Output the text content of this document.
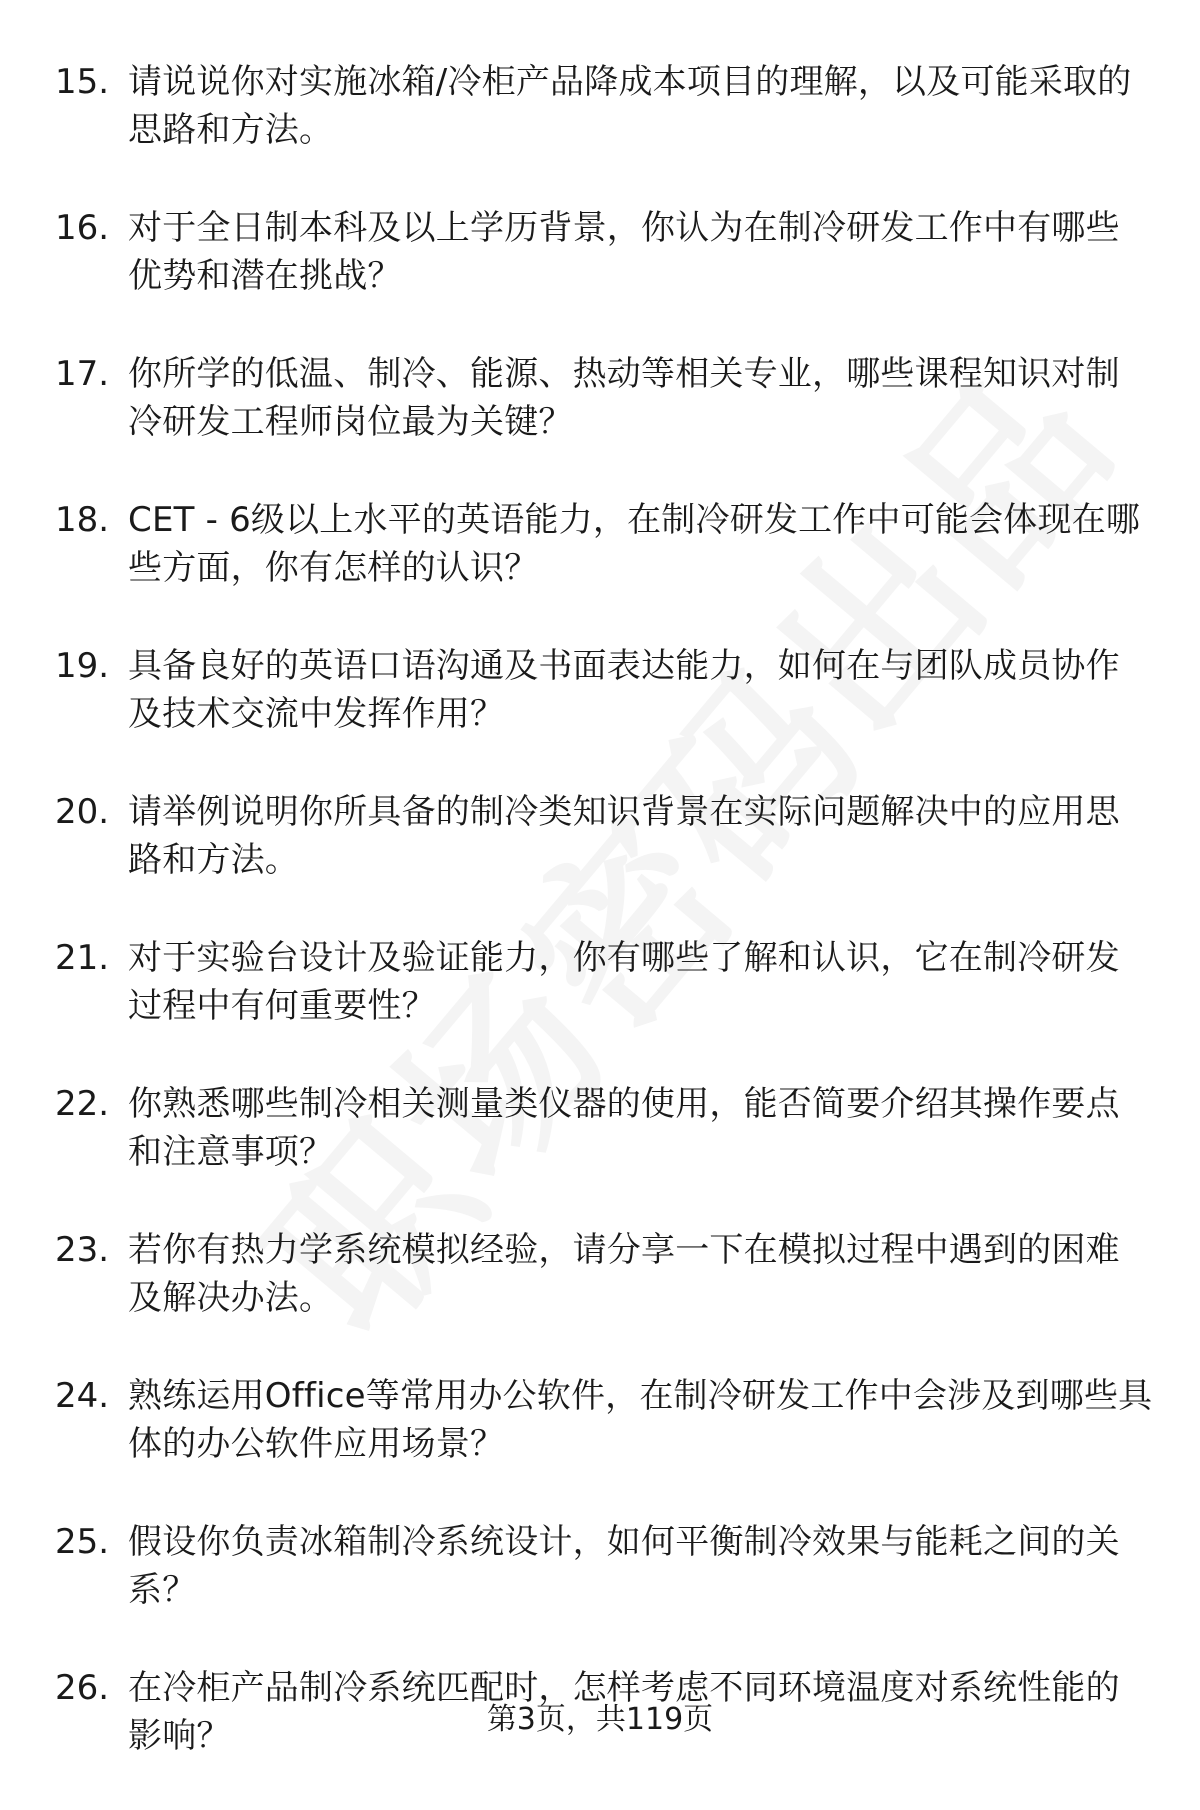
15. 请说说你对实施冰箱/冷柜产品降成本项目的理解，以及可能采取的思路和方法。
16. 对于全日制本科及以上学历背景，你认为在制冷研发工作中有哪些优势和潜在挑战？
17. 你所学的低温、制冷、能源、热动等相关专业，哪些课程知识对制冷研发工程师岗位最为关键？
18. CET - 6级以上水平的英语能力，在制冷研发工作中可能会体现在哪些方面，你有怎样的认识？
19. 具备良好的英语口语沟通及书面表达能力，如何在与团队成员协作及技术交流中发挥作用？
20. 请举例说明你所具备的制冷类知识背景在实际问题解决中的应用思路和方法。
21. 对于实验台设计及验证能力，你有哪些了解和认识，它在制冷研发过程中有何重要性？
22. 你熟悉哪些制冷相关测量类仪器的使用，能否简要介绍其操作要点和注意事项？
23. 若你有热力学系统模拟经验，请分享一下在模拟过程中遇到的困难及解决办法。
24. 熟练运用Office等常用办公软件，在制冷研发工作中会涉及到哪些具体的办公软件应用场景？
25. 假设你负责冰箱制冷系统设计，如何平衡制冷效果与能耗之间的关系？
26. 在冷柜产品制冷系统匹配时，怎样考虑不同环境温度对系统性能的影响？	第3页，共119页
